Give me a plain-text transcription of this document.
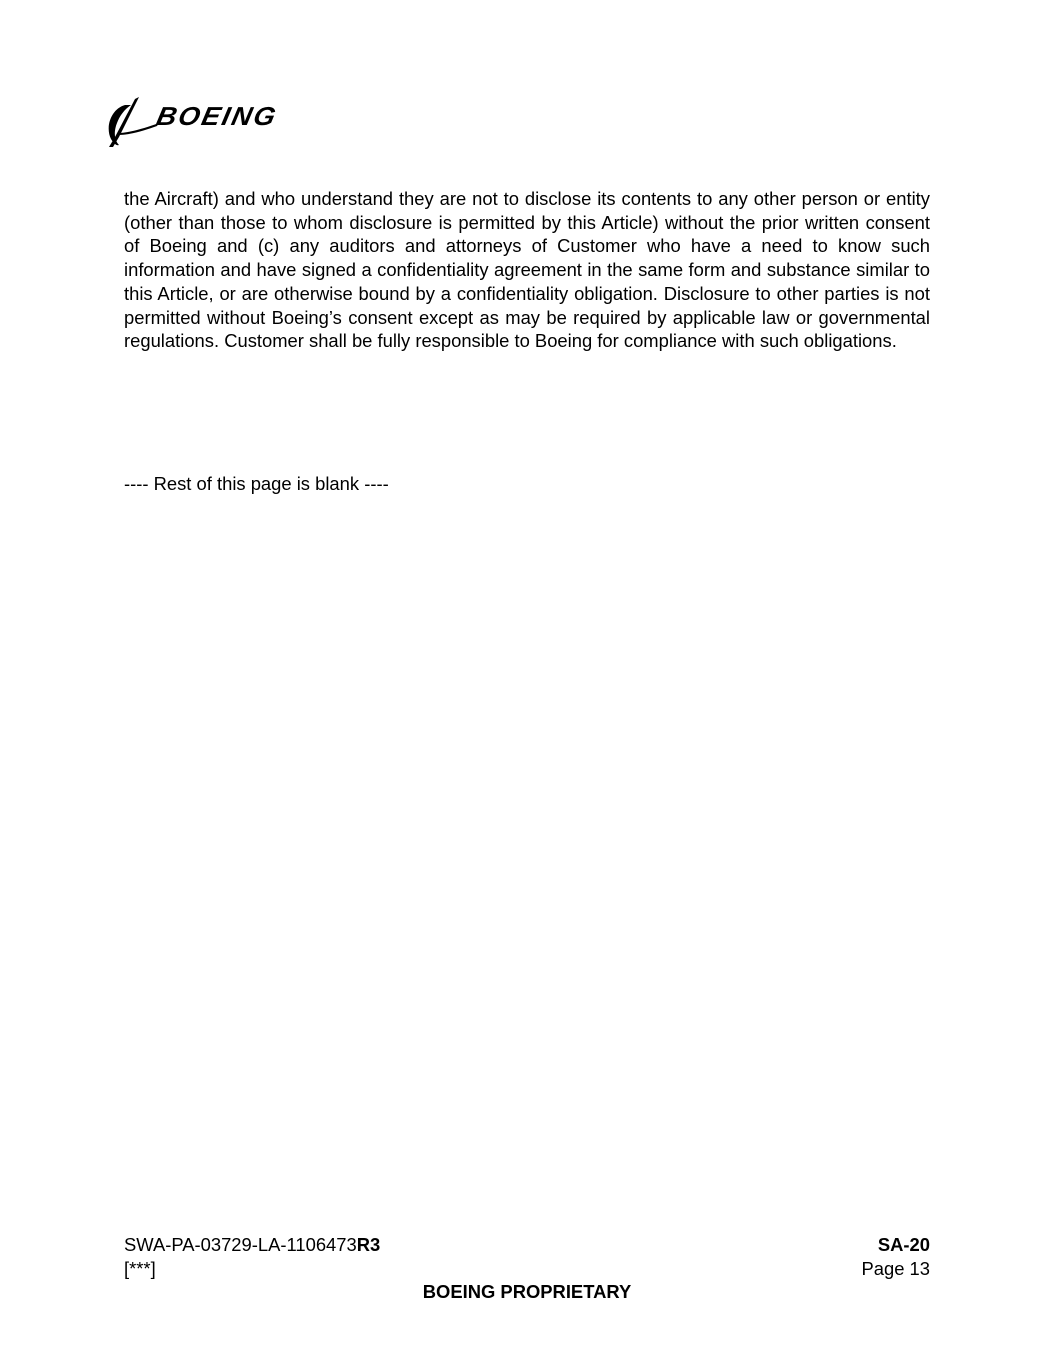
BOEING

the Aircraft) and who understand they are not to disclose its contents to any other person or entity (other than those to whom disclosure is permitted by this Article) without the prior written consent of Boeing and (c) any auditors and attorneys of Customer who have a need to know such information and have signed a confidentiality agreement in the same form and substance similar to this Article, or are otherwise bound by a confidentiality obligation. Disclosure to other parties is not permitted without Boeing’s consent except as may be required by applicable law or governmental regulations. Customer shall be fully responsible to Boeing for compliance with such obligations.

---- Rest of this page is blank ----

SWA-PA-03729-LA-1106473R3	SA-20
[***]	Page 13
BOEING PROPRIETARY
